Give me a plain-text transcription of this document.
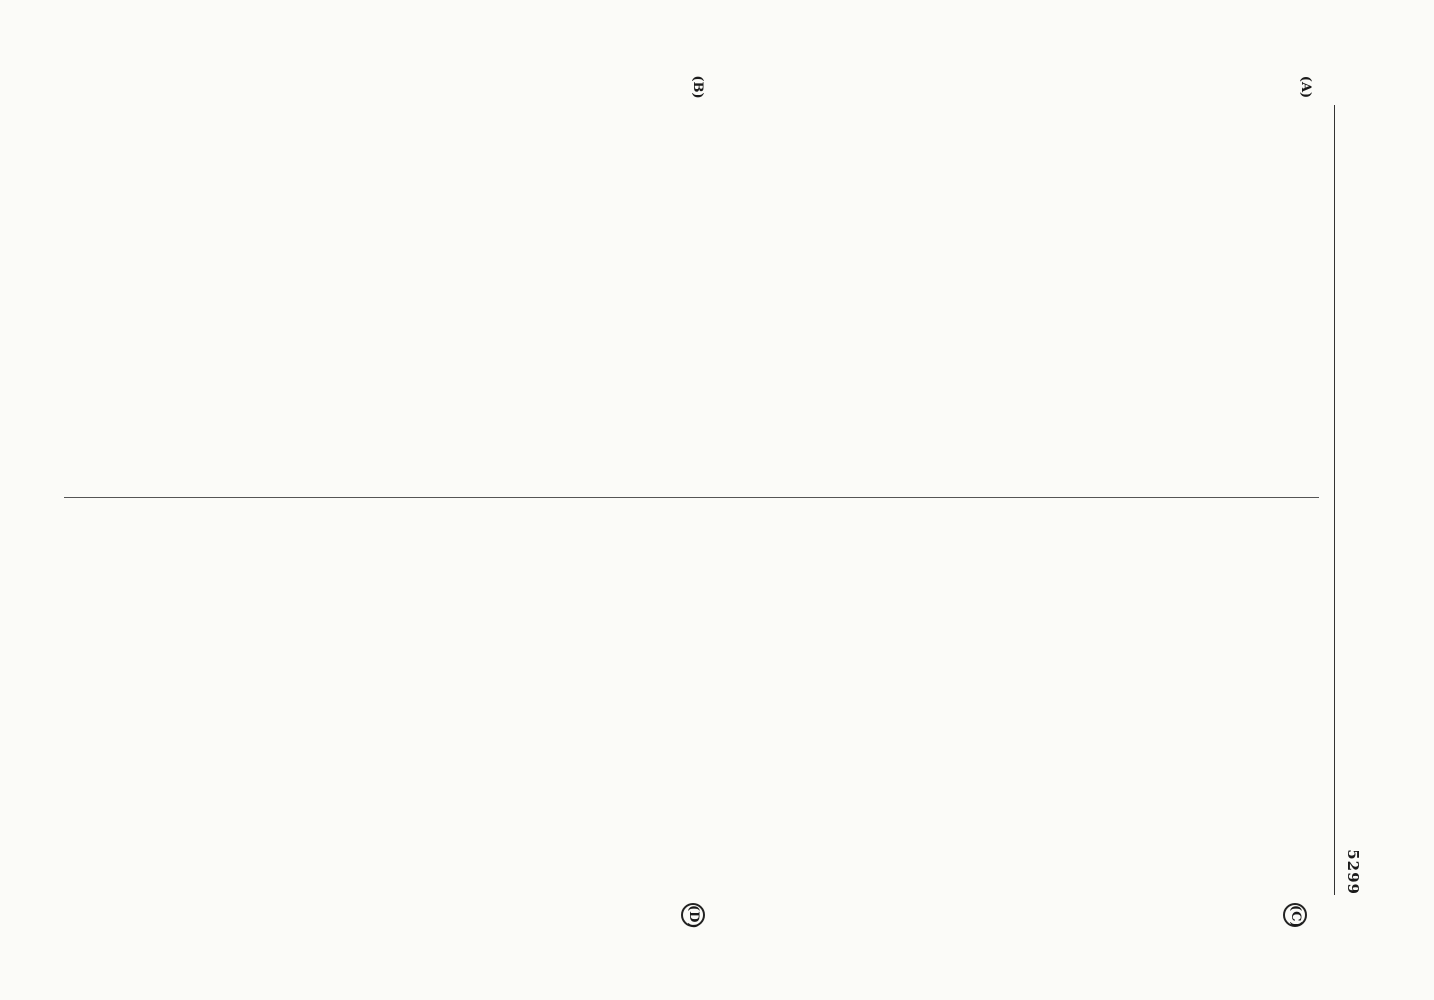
5299
(A)
(B)
(C)
(D)
